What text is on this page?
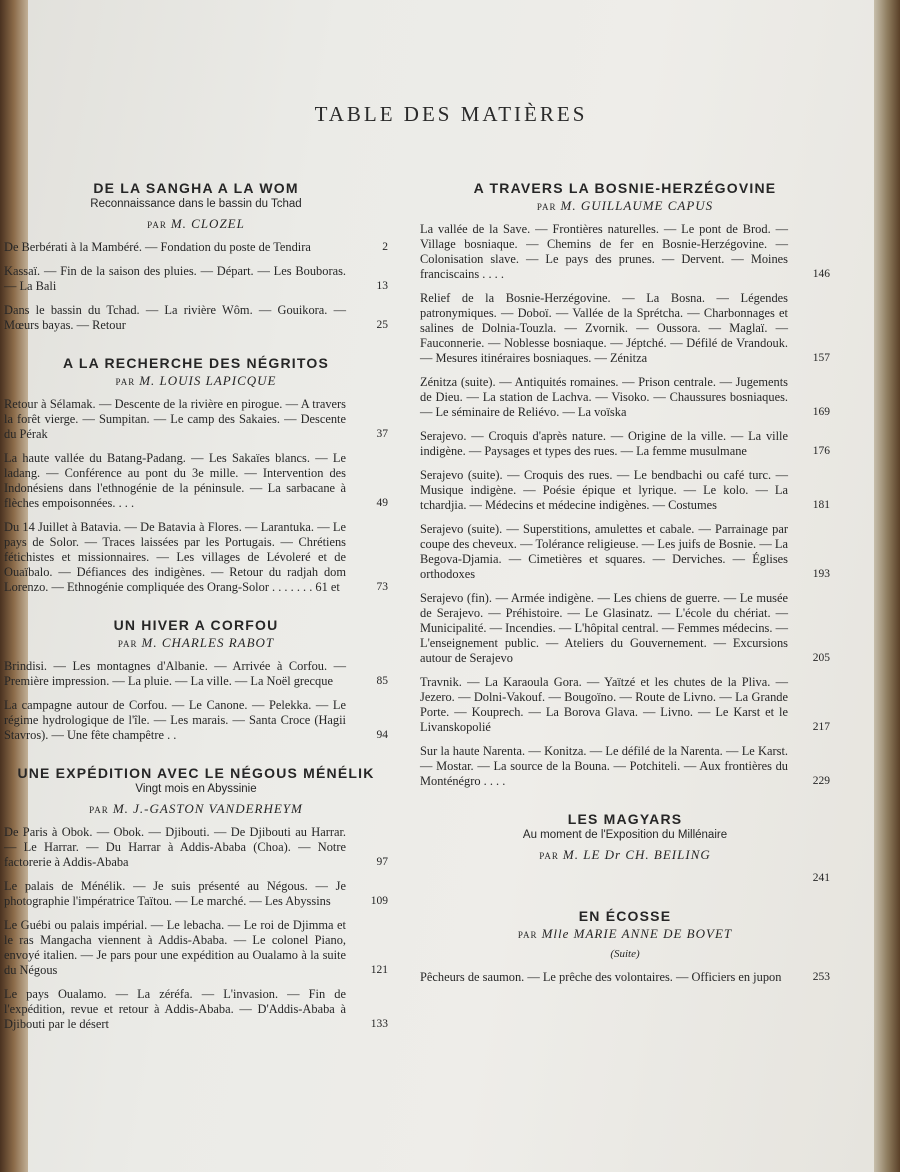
TABLE DES MATIÈRES
DE LA SANGHA A LA WOM
Reconnaissance dans le bassin du Tchad
PAR M. CLOZEL
De Berbérati à la Mambéré. — Fondation du poste de Tendira	2
Kassaï. — Fin de la saison des pluies. — Départ. — Les Bouboras. — La Bali	13
Dans le bassin du Tchad. — La rivière Wôm. — Gouikora. — Mœurs bayas. — Retour	25
A LA RECHERCHE DES NÉGRITOS
PAR M. LOUIS LAPICQUE
Retour à Sélamak. — Descente de la rivière en pirogue. — A travers la forêt vierge. — Sumpitan. — Le camp des Sakaies. — Descente du Pérak	37
La haute vallée du Batang-Padang. — Les Sakaïes blancs. — Le ladang. — Conférence au pont du 3e mille. — Intervention des Indonésiens dans l'ethnogénie de la péninsule. — La sarbacane à flèches empoisonnées. . . .	49
Du 14 Juillet à Batavia. — De Batavia à Flores. — Larantuka. — Le pays de Solor. — Traces laissées par les Portugais. — Chrétiens fétichistes et missionnaires. — Les villages de Lévoleré et de Ouaïbalo. — Défiances des indigènes. — Retour du radjah dom Lorenzo. — Ethnogénie compliquée des Orang-Solor . . . . . . . 61 et	73
UN HIVER A CORFOU
PAR M. CHARLES RABOT
Brindisi. — Les montagnes d'Albanie. — Arrivée à Corfou. — Première impression. — La pluie. — La ville. — La Noël grecque	85
La campagne autour de Corfou. — Le Canone. — Pelekka. — Le régime hydrologique de l'île. — Les marais. — Santa Croce (Hagii Stavros). — Une fête champêtre . .	94
UNE EXPÉDITION AVEC LE NÉGOUS MÉNÉLIK
Vingt mois en Abyssinie
PAR M. J.-GASTON VANDERHEYM
De Paris à Obok. — Obok. — Djibouti. — De Djibouti au Harrar. — Le Harrar. — Du Harrar à Addis-Ababa (Choa). — Notre factorerie à Addis-Ababa	97
Le palais de Ménélik. — Je suis présenté au Négous. — Je photographie l'impératrice Taïtou. — Le marché. — Les Abyssins	109
Le Guébi ou palais impérial. — Le lebacha. — Le roi de Djimma et le ras Mangacha viennent à Addis-Ababa. — Le colonel Piano, envoyé italien. — Je pars pour une expédition au Oualamo à la suite du Négous	121
Le pays Oualamo. — La zéréfa. — L'invasion. — Fin de l'expédition, revue et retour à Addis-Ababa. — D'Addis-Ababa à Djibouti par le désert	133
A TRAVERS LA BOSNIE-HERZÉGOVINE
PAR M. GUILLAUME CAPUS
La vallée de la Save. — Frontières naturelles. — Le pont de Brod. — Village bosniaque. — Chemins de fer en Bosnie-Herzégovine. — Colonisation slave. — Le pays des prunes. — Dervent. — Moines franciscains . . . .	146
Relief de la Bosnie-Herzégovine. — La Bosna. — Légendes patronymiques. — Doboï. — Vallée de la Sprétcha. — Charbonnages et salines de Dolnia-Touzla. — Zvornik. — Oussora. — Maglaï. — Fauconnerie. — Noblesse bosniaque. — Jéptché. — Défilé de Vrandouk. — Mesures itinéraires bosniaques. — Zénitza	157
Zénitza (suite). — Antiquités romaines. — Prison centrale. — Jugements de Dieu. — La station de Lachva. — Visoko. — Chaussures bosniaques. — Le séminaire de Reliévo. — La voïska	169
Serajevo. — Croquis d'après nature. — Origine de la ville. — La ville indigène. — Paysages et types des rues. — La femme musulmane	176
Serajevo (suite). — Croquis des rues. — Le bendbachi ou café turc. — Musique indigène. — Poésie épique et lyrique. — Le kolo. — La tchardjia. — Médecins et médecine indigènes. — Costumes	181
Serajevo (suite). — Superstitions, amulettes et cabale. — Parrainage par coupe des cheveux. — Tolérance religieuse. — Les juifs de Bosnie. — La Begova-Djamia. — Cimetières et squares. — Derviches. — Églises orthodoxes	193
Serajevo (fin). — Armée indigène. — Les chiens de guerre. — Le musée de Serajevo. — Préhistoire. — Le Glasinatz. — L'école du chériat. — Municipalité. — Incendies. — L'hôpital central. — Femmes médecins. — L'enseignement public. — Ateliers du Gouvernement. — Excursions autour de Serajevo	205
Travnik. — La Karaoula Gora. — Yaïtzé et les chutes de la Pliva. — Jezero. — Dolni-Vakouf. — Bougoïno. — Route de Livno. — La Grande Porte. — Kouprech. — La Borova Glava. — Livno. — Le Karst et le Livanskopolié	217
Sur la haute Narenta. — Konitza. — Le défilé de la Narenta. — Le Karst. — Mostar. — La source de la Bouna. — Potchiteli. — Aux frontières du Monténégro . . . .	229
LES MAGYARS
Au moment de l'Exposition du Millénaire
PAR M. LE Dr CH. BEILING
241
EN ÉCOSSE
PAR Mlle MARIE ANNE DE BOVET
(Suite)
Pêcheurs de saumon. — Le prêche des volontaires. — Officiers en jupon	253
